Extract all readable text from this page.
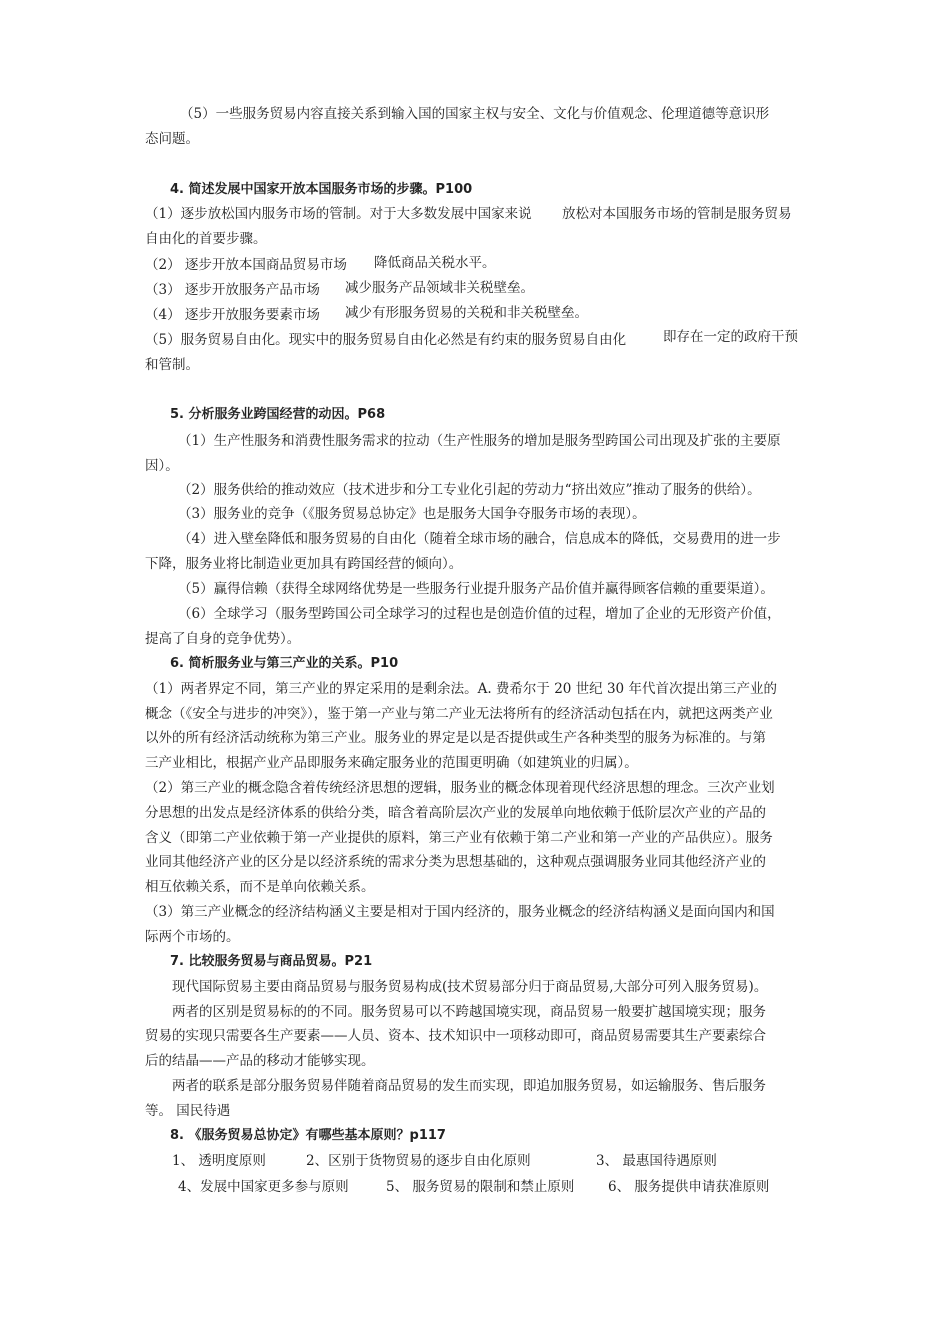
（5）一些服务贸易内容直接关系到输入国的国家主权与安全、文化与价值观念、伦理道德等意识形
态问题。
4. 简述发展中国家开放本国服务市场的步骤。P100
（1）逐步放松国内服务市场的管制。对于大多数发展中国家来说 放松对本国服务市场的管制是服务贸易
自由化的首要步骤。
（2） 逐步开放本国商品贸易市场 降低商品关税水平。
（3） 逐步开放服务产品市场 减少服务产品领域非关税壁垒。
（4） 逐步开放服务要素市场 减少有形服务贸易的关税和非关税壁垒。
（5）服务贸易自由化。现实中的服务贸易自由化必然是有约束的服务贸易自由化	即存在一定的政府干预
和管制。
5. 分析服务业跨国经营的动因。P68
（1）生产性服务和消费性服务需求的拉动（生产性服务的增加是服务型跨国公司出现及扩张的主要原
因）。
（2）服务供给的推动效应（技术进步和分工专业化引起的劳动力“挤出效应”推动了服务的供给）。
（3）服务业的竞争（《服务贸易总协定》也是服务大国争夺服务市场的表现）。
（4）进入壁垒降低和服务贸易的自由化（随着全球市场的融合，信息成本的降低，交易费用的进一步
下降，服务业将比制造业更加具有跨国经营的倾向）。
（5）赢得信赖（获得全球网络优势是一些服务行业提升服务产品价值并赢得顾客信赖的重要渠道）。
（6）全球学习（服务型跨国公司全球学习的过程也是创造价值的过程，增加了企业的无形资产价值，
提高了自身的竞争优势）。
6. 简析服务业与第三产业的关系。P10
（1）两者界定不同，第三产业的界定采用的是剩余法。A. 费希尔于 20 世纪 30 年代首次提出第三产业的
概念（《安全与进步的冲突》），鉴于第一产业与第二产业无法将所有的经济活动包括在内，就把这两类产业
以外的所有经济活动统称为第三产业。服务业的界定是以是否提供或生产各种类型的服务为标准的。与第
三产业相比，根据产业产品即服务来确定服务业的范围更明确（如建筑业的归属）。
（2）第三产业的概念隐含着传统经济思想的逻辑，服务业的概念体现着现代经济思想的理念。三次产业划
分思想的出发点是经济体系的供给分类，暗含着高阶层次产业的发展单向地依赖于低阶层次产业的产品的
含义（即第二产业依赖于第一产业提供的原料，第三产业有依赖于第二产业和第一产业的产品供应）。服务
业同其他经济产业的区分是以经济系统的需求分类为思想基础的，这种观点强调服务业同其他经济产业的
相互依赖关系，而不是单向依赖关系。
（3）第三产业概念的经济结构涵义主要是相对于国内经济的，服务业概念的经济结构涵义是面向国内和国
际两个市场的。
7. 比较服务贸易与商品贸易。P21
现代国际贸易主要由商品贸易与服务贸易构成(技术贸易部分归于商品贸易,大部分可列入服务贸易)。
两者的区别是贸易标的的不同。服务贸易可以不跨越国境实现，商品贸易一般要扩越国境实现；服务
贸易的实现只需要各生产要素——人员、资本、技术知识中一项移动即可，商品贸易需要其生产要素综合
后的结晶——产品的移动才能够实现。
两者的联系是部分服务贸易伴随着商品贸易的发生而实现，即追加服务贸易，如运输服务、售后服务
等。 国民待遇
8. 《服务贸易总协定》有哪些基本原则？p117
1、 透明度原则	2、区别于货物贸易的逐步自由化原则	3、 最惠国待遇原则
4、发展中国家更多参与原则	5、 服务贸易的限制和禁止原则 6、 服务提供申请获准原则
